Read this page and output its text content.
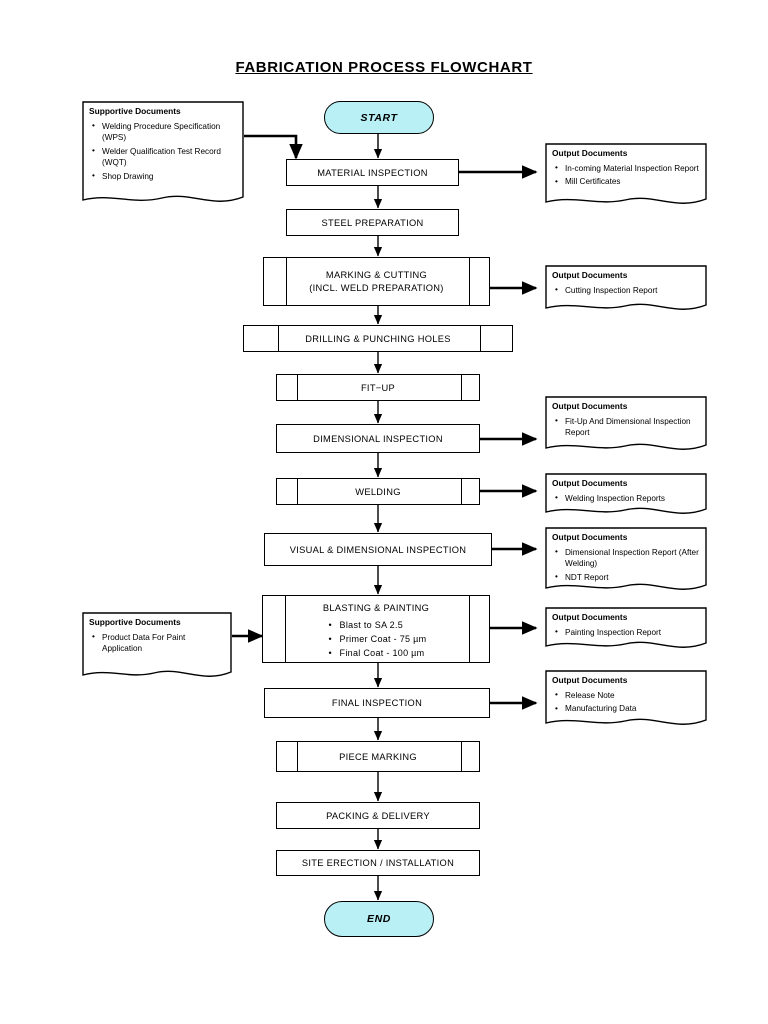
FABRICATION PROCESS FLOWCHART
START
MATERIAL INSPECTION
STEEL PREPARATION
MARKING & CUTTING
(INCL. WELD PREPARATION)
DRILLING & PUNCHING HOLES
FIT−UP
DIMENSIONAL INSPECTION
WELDING
VISUAL & DIMENSIONAL INSPECTION
BLASTING & PAINTING
• Blast to SA 2.5
• Primer Coat - 75 µm
• Final Coat - 100 µm
FINAL INSPECTION
PIECE MARKING
PACKING & DELIVERY
SITE ERECTION / INSTALLATION
END
Supportive Documents
• Welding Procedure Specification (WPS)
• Welder Qualification Test Record (WQT)
• Shop Drawing
Supportive Documents
• Product Data For Paint Application
Output Documents
• In-coming Material Inspection Report
• Mill Certificates
Output Documents
• Cutting Inspection Report
Output Documents
• Fit-Up And Dimensional Inspection Report
Output Documents
• Welding Inspection Reports
Output Documents
• Dimensional Inspection Report (After Welding)
• NDT Report
Output Documents
• Painting Inspection Report
Output Documents
• Release Note
• Manufacturing Data
